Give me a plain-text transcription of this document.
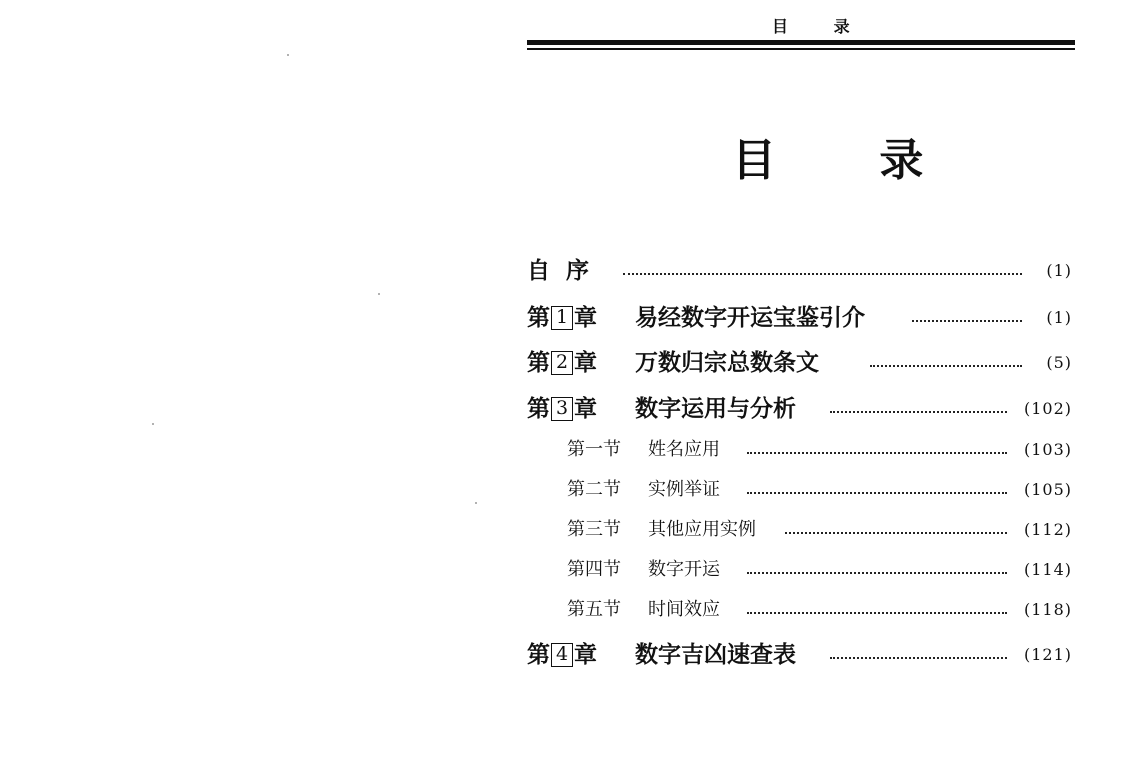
目 录
目 录
自  序	(1)
第 1 章 易经数字开运宝鉴引介	(1)
第 2 章 万数归宗总数条文	(5)
第 3 章 数字运用与分析	(102)
第一节 姓名应用	(103)
第二节 实例举证	(105)
第三节 其他应用实例	(112)
第四节 数字开运	(114)
第五节 时间效应	(118)
第 4 章 数字吉凶速查表	(121)
